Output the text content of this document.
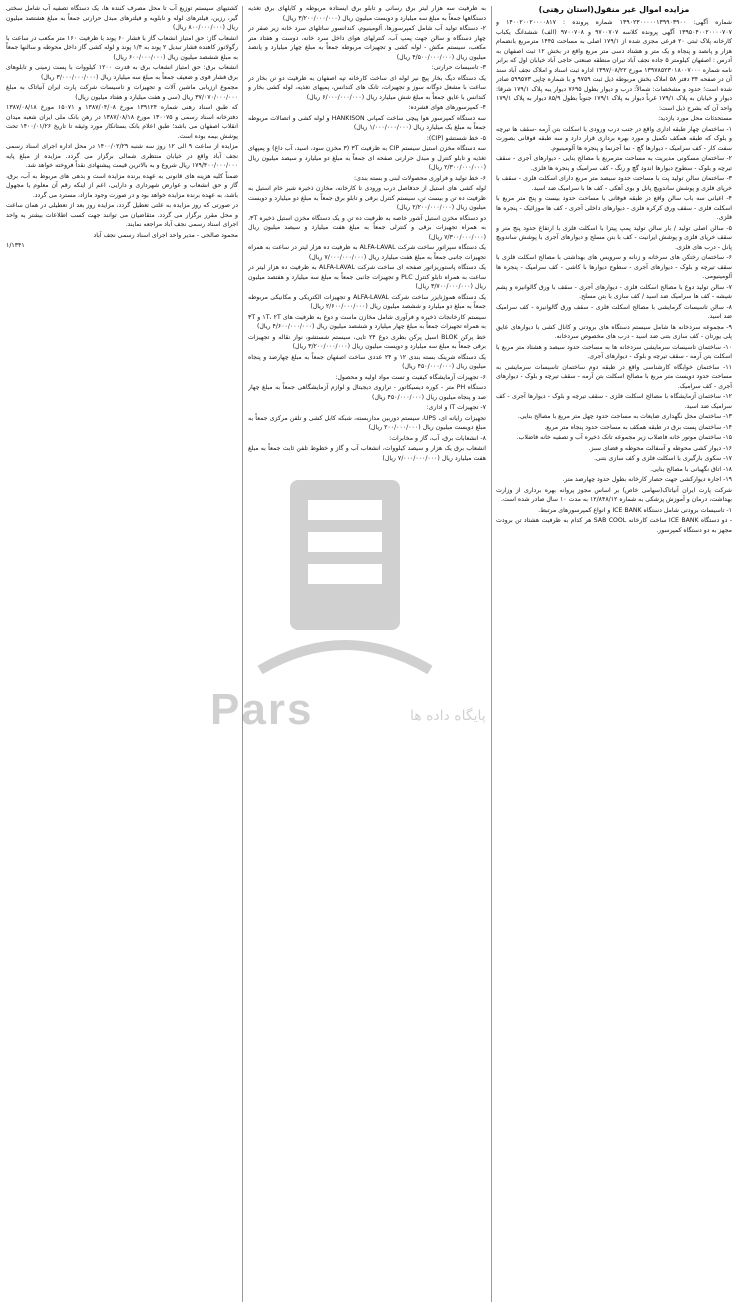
مزایده اموال غیر منقول(استان رهنی)
شماره آگهی: ۱۳۹۰۲۳۰۰۰۰۰۱۳۹۹۰۳۹۰۰ شماره پرونده : ۱۴۰۰۲۰۰۲۰۰۰۰۸۱۷ و ۱۳۹۵۰۴۰۰۲۰۰۰۰۷۰۷ آگهی پرونده کلاسه ۹۷۰۰۷۰۷ و ۹۷۰۰۷۰۸ (الف) ششدانگ یکباب کارخانه پلاک ثبتی ۲۰ فرعی مجزی شده از ۱۷۹/۱ اصلی به مساحت ۱۴۴۵ مترمربع بانضمام هزار و پانصد و پنجاه و یک متر و هشتاد دسی متر مربع واقع در بخش ۱۲ ثبت اصفهان به آدرس : اصفهان کیلومتر ۵ جاده نجف آباد تیران منطقه صنعتی حاجی آباد خیابان اول که برابر نامه شماره ۱۳۹۷۸۵۲۳۰۱۸۰۰۷۰۰۰ مورخ ۱۳۹۷/۰۸/۲۲ اداره ثبت اسناد و املاک نجف آباد سند آن در صفحه ۳۴ دفتر ۵۸ املاک بخش مربوطه ذیل ثبت ۹۷۵۹ و با شماره چاپی ۵۹۹۵۷۳ صادر شده است؛ حدود و مشخصات: شمالاً: درب و دیوار بطول ۷۶۹۵ دیوار یبه پلاک ۱۷۹/۱ شرقا: دیوار و خیابان به پلاک ۱۷۹/۱ غرباً دیوار به پلاک ۱۷۹/۱ جنوباً بطول ۸۵/۹ دیوار به پلاک ۱۷۹/۱ واحد آن که بشرح ذیل است:
مستحدثات محل مورد بازدید:
۱- ساختمان چهار طبقه اداری واقع در جنب درب ورودی با اسکلت بتن آرمه -سقف ها تیرچه و بلوک که طبقه همکف تکمیل و مورد بهره برداری قرار دارد و سه طبقه فوقانی بصورت سفت کار - کف سرامیک - دیوارها گچ - نما آجرنما و پنجره ها آلومینیوم.
۲- ساختمان مسکونی مدیریت به مساحت مترمربع با مصالح بنایی - دیوارهای آجری - سقف تیرچه و بلوک - سطوح دیوارها اندود گچ و رنگ - کف سرامیک و پنجره ها فلزی.
۳- ساختمان سالن تولید پت با مساحت حدود سیصد متر مربع دارای اسکلت فلزی - سقف با خرپای فلزی و پوشش ساندویچ پانل و بوی آهکی - کف ها با سرامیک ضد اسید.
۴- اعیانی سه باب سالن واقع در طبقه فوقانی با مساحت حدود بیست و پنج متر مربع با اسکلت فلزی - سقف ورق کرکره فلزی - دیوارهای داخلی آجری - کف ها موزائیک - پنجره ها فلزی.
۵- سالن اصلی تولید / بار سالن تولید پمپ پیتزا با اسکلت فلزی با ارتفاع حدود پنج متر و سقف خرپای فلزی و پوشش ایرانیت - کف با بتن مسلح و دیوارهای آجری با پوشش ساندویچ پانل - درب های فلزی.
۶- ساختمان رختکن های سرخانه و زنانه و سرویس های بهداشتی با مصالح اسکلت فلزی با سقف تیرچه و بلوک - دیوارهای آجری - سطوح دیوارها با کاشی - کف سرامیک - پنجره ها آلومینیومی.
۷- سالن تولید دوغ با مصالح اسکلت فلزی - دیوارهای آجری - سقف با ورق گالوانیزه و پشم شیشه - کف ها سرامیک ضد اسید / کف سازی با بتن مسلح.
۸- سالن تاسیسات گرمایشی با مصالح اسکلت فلزی - سقف ورق گالوانیزه - کف سرامیک ضد اسید.
۹- مجموعه سردخانه ها شامل سیستم دستگاه های برودتی و کانال کشی با دیوارهای عایق پلی یورتان - کف سازی بتنی ضد اسید - درب های مخصوص سردخانه.
۱۰- ساختمان تاسیسات سرمایشی سردخانه ها به مساحت حدود سیصد و هشتاد متر مربع با اسکلت بتن آرمه - سقف تیرچه و بلوک - دیوارهای آجری.
۱۱- ساختمان خوابگاه کارشناسی واقع در طبقه دوم ساختمان تاسیسات سرمایشی به مساحت حدود دویست متر مربع با مصالح اسکلت بتن آرمه - سقف تیرچه و بلوک - دیوارهای آجری - کف سرامیک.
۱۲- ساختمان آزمایشگاه با مصالح اسکلت فلزی - سقف تیرچه و بلوک - دیوارها آجری - کف سرامیک ضد اسید.
۱۳- ساختمان محل نگهداری ضایعات به مساحت حدود چهل متر مربع با مصالح بنایی.
۱۴- ساختمان پست برق در طبقه همکف به مساحت حدود پنجاه متر مربع.
۱۵- ساختمان موتور خانه فاضلاب زیر مجموعه تانک ذخیره آب و تصفیه خانه فاضلاب.
۱۶- دیوار کشی محوطه و آسفالت محوطه و فضای سبز.
۱۷- سکوی بارگیری با اسکلت فلزی و کف سازی بتنی.
۱۸- اتاق نگهبانی با مصالح بنایی.
۱۹- اجاره دیوارکشی جهت حصار کارخانه بطول حدود چهارصد متر.
شرکت پارت ایران آنیاتاک(سهامی خاص) بر اساس مجوز پروانه بهره برداری از وزارت بهداشت، درمان و آموزش پزشکی به شماره ۱۲/۸۴۸/۱۲ به مدت ۱۰ سال صادر شده است.
۱- تاسیسات برودتی شامل دستگاه ICE BANK و انواع کمپرسورهای مرتبط.
- دو دستگاه ICE BANK ساخت کارخانه SAB COOL هر کدام به ظرفیت هشتاد تن برودت مجهز به دو دستگاه کمپرسور.
به ظرفیت سه هزار لیتر برق رسانی و تابلو برق ایستاده مربوطه و کابلهای برق تغذیه دستگاهها جمعاً به مبلغ سه میلیارد و دویست میلیون ریال (۳/۲۰۰/۰۰۰/۰۰۰ ریال)
۲- دستگاه تولید آب شامل کمپرسورها، آلومینیوم، کندانسور ساتلهای سرد خانه زیر صفر در چهار دستگاه و سالن جهت پمپ آب، کنترلهای هوای داخل سرد خانه، دوست و هفتاد متر مکعب، سیستم مکش - لوله کشی و تجهیزات مربوطه جمعاً به مبلغ چهار میلیارد و پانصد میلیون ریال (۴/۵۰۰/۰۰۰/۰۰۰ ریال)
۳- تاسیسات حرارتی:
یک دستگاه دیگ بخار پیچ نیر لوله ای ساخت کارخانه تپه اصفهان به ظرفیت دو تن بخار در ساعت با مشعل دوگانه سوز و تجهیزات، تانک های کندانس، پمپهای تغذیه، لوله کشی بخار و کندانس با عایق جمعاً به مبلغ شش میلیارد ریال (۶/۰۰۰/۰۰۰/۰۰۰ ریال)
۴- کمپرسورهای هوای فشرده:
سه دستگاه کمپرسور هوا پیچی ساخت کمپانی HANKISON و لوله کشی و اتصالات مربوطه جمعاً به مبلغ یک میلیارد ریال (۱/۰۰۰/۰۰۰/۰۰۰ ریال)
۵- خط شستشو (CIP):
سه دستگاه مخزن استیل سیستم CIP به ظرفیت ۳T (۳ مخزن سود، اسید، آب داغ) و پمپهای تغذیه و تابلو کنترل و مبدل حرارتی صفحه ای جمعاً به مبلغ دو میلیارد و سیصد میلیون ریال (۲/۳۰۰/۰۰۰/۰۰۰ ریال)
۶- خط تولید و فراوری محصولات لبنی و بسته بندی:
لوله کشی های استیل از حدفاصل درب ورودی تا کارخانه، مخازن ذخیره شیر خام استیل به ظرفیت ده تن و بیست تن، سیستم کنترل برقی و تابلو برق جمعاً به مبلغ دو میلیارد و دویست میلیون ریال (۲/۲۰۰/۰۰۰/۰۰۰ ریال)
دو دستگاه مخزن استیل آشور خاصه به ظرفیت ده تن و یک دستگاه مخزن استیل ذخیره ۳T، به همراه تجهیزات برقی و کنترلی جمعاً به مبلغ هفت میلیارد و سیصد میلیون ریال (۷/۳۰۰/۰۰۰/۰۰۰ ریال)
یک دستگاه سپراتور ساخت شرکت ALFA-LAVAL به ظرفیت ده هزار لیتر در ساعت به همراه تجهیزات جانبی جمعاً به مبلغ هفت میلیارد ریال (۷/۰۰۰/۰۰۰/۰۰۰ ریال)
یک دستگاه پاستوریزاتور صفحه ای ساخت شرکت ALFA-LAVAL به ظرفیت ده هزار لیتر در ساعت به همراه تابلو کنترل PLC و تجهیزات جانبی جمعاً به مبلغ سه میلیارد و هفتصد میلیون ریال (۳/۷۰۰/۰۰۰/۰۰۰ ریال)
یک دستگاه هموژنایزر ساخت شرکت ALFA-LAVAL و تجهیزات الکتریکی و مکانیکی مربوطه جمعاً به مبلغ دو میلیارد و ششصد میلیون ریال (۲/۶۰۰/۰۰۰/۰۰۰ ریال)
سیستم کارخانجات ذخیره و فرآوری شامل مخازن ماست و دوغ به ظرفیت های ۱T، ۲T و ۳T به همراه تجهیزات جمعاً به مبلغ چهار میلیارد و ششصد میلیون ریال (۴/۶۰۰/۰۰۰/۰۰۰ ریال)
خط پرکن BLOK اسیل پرکن بطری دوغ ۲۴ تایی، سیستم شستشو، نوار نقاله و تجهیزات برقی جمعاً به مبلغ سه میلیارد و دویست میلیون ریال (۳/۲۰۰/۰۰۰/۰۰۰ ریال)
یک دستگاه شرینک بسته بندی ۱۲ و ۲۴ عددی ساخت اصفهان جمعاً به مبلغ چهارصد و پنجاه میلیون ریال (۴۵۰/۰۰۰/۰۰۰ ریال)
۶- تجهیزات آزمایشگاه کیفیت و تست مواد اولیه و محصول:
دستگاه PH متر - کوره دیسیکاتور - ترازوی دیجیتال و لوازم آزمایشگاهی جمعاً به مبلغ چهار صد و پنجاه میلیون ریال (۴۵۰/۰۰۰/۰۰۰ ریال)
۷- تجهیزات IT و اداری:
تجهیزات رایانه ای، UPS، سیستم دوربین مداربسته، شبکه کابل کشی و تلفن مرکزی جمعاً به مبلغ دویست میلیون ریال (۲۰۰/۰۰۰/۰۰۰ ریال)
۸- انشعابات برق، آب، گاز و مخابرات:
انشعاب برق یک هزار و سیصد کیلووات، انشعاب آب و گاز و خطوط تلفن ثابت جمعاً به مبلغ هفت میلیارد ریال (۷/۰۰۰/۰۰۰/۰۰۰ ریال)
کشتیهای سیستم توزیع آب تا محل مصرف کننده ها، یک دستگاه تصفیه آب شامل سختی گیر، رزین، فیلترهای لوله و تابلویه و فیلترهای مبدل حرارتی جمعاً به مبلغ هشتصد میلیون ریال (۸۰۰/۰۰۰/۰۰۰ ریال)
انشعاب گاز: حق امتیاز انشعاب گاز با فشار ۶۰ پوند با ظرفیت ۱۶۰ متر مکعب در ساعت با رگولاتور کاهنده فشار تبدیل ۲ پوند به ۱/۴ پوند و لوله کشی گاز داخل محوطه و سالنها جمعاً به مبلغ ششصد میلیون ریال (۶۰۰/۰۰۰/۰۰۰ ریال)
انشعاب برق: حق امتیاز انشعاب برق به قدرت ۱۲۰۰ کیلووات با پست زمینی و تابلوهای برق فشار قوی و ضعیف جمعاً به مبلغ سه میلیارد ریال (۳/۰۰۰/۰۰۰/۰۰۰ ریال)
مجموع ارزیابی ماشین آلات و تجهیزات و تاسیسات شرکت پارت ایران آنیاتاک به مبلغ ۳۷/۰۷۰/۰۰۰/۰۰۰ ریال (سی و هفت میلیارد و هفتاد میلیون ریال)
که طبق اسناد رهنی شماره ۱۳۹۱۲۴ مورخ ۱۳۸۷/۰۴/۰۸ و ۱۵۰۷۱ مورخ ۱۳۸۷/۰۸/۱۸ دفترخانه اسناد رسمی و ۱۳۰۰۷۵ مورخ ۱۳۸۷/۰۸/۱۸ در رهن بانک ملی ایران شعبه میدان انقلاب اصفهان می باشد؛ طبق اعلام بانک بستانکار مورد وثیقه تا تاریخ ۱۴۰۰/۰۱/۲۶ تحت پوشش بیمه بوده است.
مزایده از ساعت ۹ الی ۱۲ روز سه شنبه ۱۴۰۰/۰۲/۲۹ در محل اداره اجرای اسناد رسمی نجف آباد واقع در خیابان منتظری شمالی برگزار می گردد. مزایده از مبلغ پایه ۱۷۹/۴۰۰/۰۰۰/۰۰۰ ریال شروع و به بالاترین قیمت پیشنهادی نقداً فروخته خواهد شد.
ضمناً کلیه هزینه های قانونی به عهده برنده مزایده است و بدهی های مربوط به آب، برق، گاز و حق انشعاب و عوارض شهرداری و دارایی، اعم از اینکه رقم آن معلوم یا مجهول باشد، به عهده برنده مزایده خواهد بود و در صورت وجود مازاد، مسترد می گردد.
در صورتی که روز مزایده به علتی تعطیل گردد، مزایده روز بعد از تعطیلی در همان ساعت و محل مقرر برگزار می گردد. متقاضیان می توانند جهت کسب اطلاعات بیشتر به واحد اجرای اسناد رسمی نجف آباد مراجعه نمایند.
محمود صالحی - مدیر واحد اجرای اسناد رسمی نجف آباد
۱/۱۳۴۱
Pars	پایگاه داده ها
